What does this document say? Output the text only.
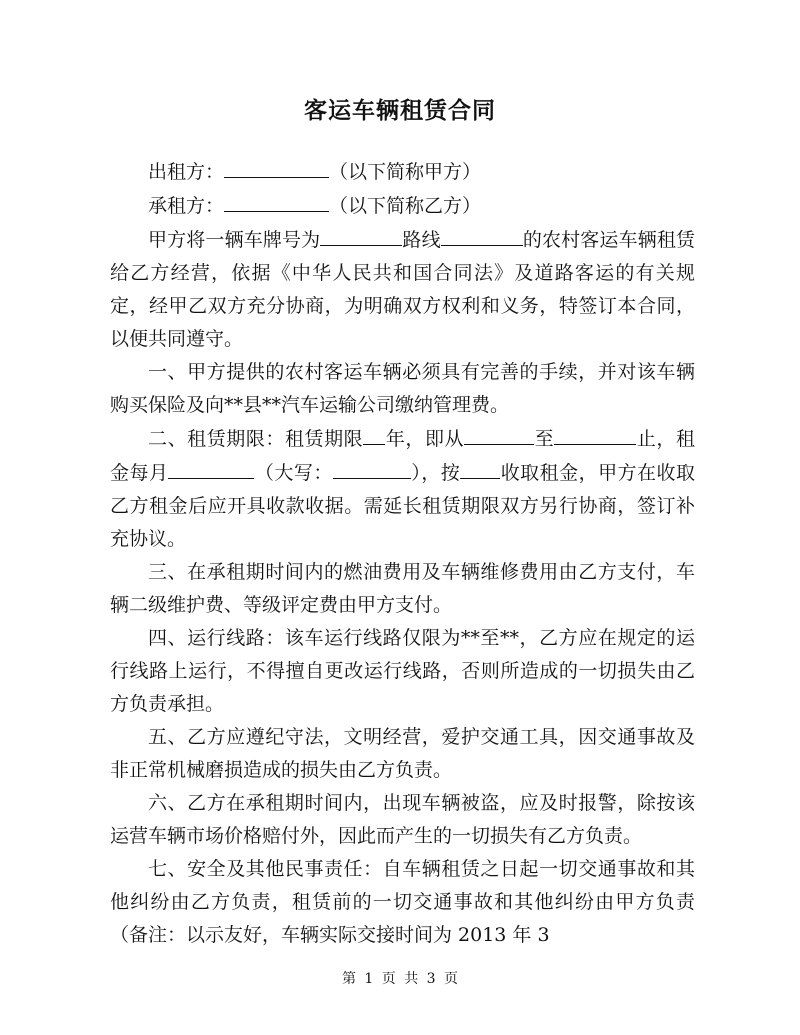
客运车辆租赁合同

出租方：	（以下简称甲方）

承租方：	（以下简称乙方）

甲方将一辆车牌号为	路线	的农村客运车辆租赁给乙方经营，依据《中华人民共和国合同法》及道路客运的有关规定，经甲乙双方充分协商，为明确双方权利和义务，特签订本合同，以便共同遵守。

一、甲方提供的农村客运车辆必须具有完善的手续，并对该车辆购买保险及向**县**汽车运输公司缴纳管理费。

二、租赁期限：租赁期限 年，即从	至	止，租金每月	（大写：	），按 收取租金，甲方在收取乙方租金后应开具收款收据。需延长租赁期限双方另行协商，签订补充协议。

三、在承租期时间内的燃油费用及车辆维修费用由乙方支付，车辆二级维护费、等级评定费由甲方支付。

四、运行线路：该车运行线路仅限为**至**，乙方应在规定的运行线路上运行，不得擅自更改运行线路，否则所造成的一切损失由乙方负责承担。

五、乙方应遵纪守法，文明经营，爱护交通工具，因交通事故及非正常机械磨损造成的损失由乙方负责。

六、乙方在承租期时间内，出现车辆被盗，应及时报警，除按该运营车辆市场价格赔付外，因此而产生的一切损失有乙方负责。

七、安全及其他民事责任：自车辆租赁之日起一切交通事故和其他纠纷由乙方负责，租赁前的一切交通事故和其他纠纷由甲方负责（备注：以示友好，车辆实际交接时间为 2013 年 3

第 1 页 共 3 页
